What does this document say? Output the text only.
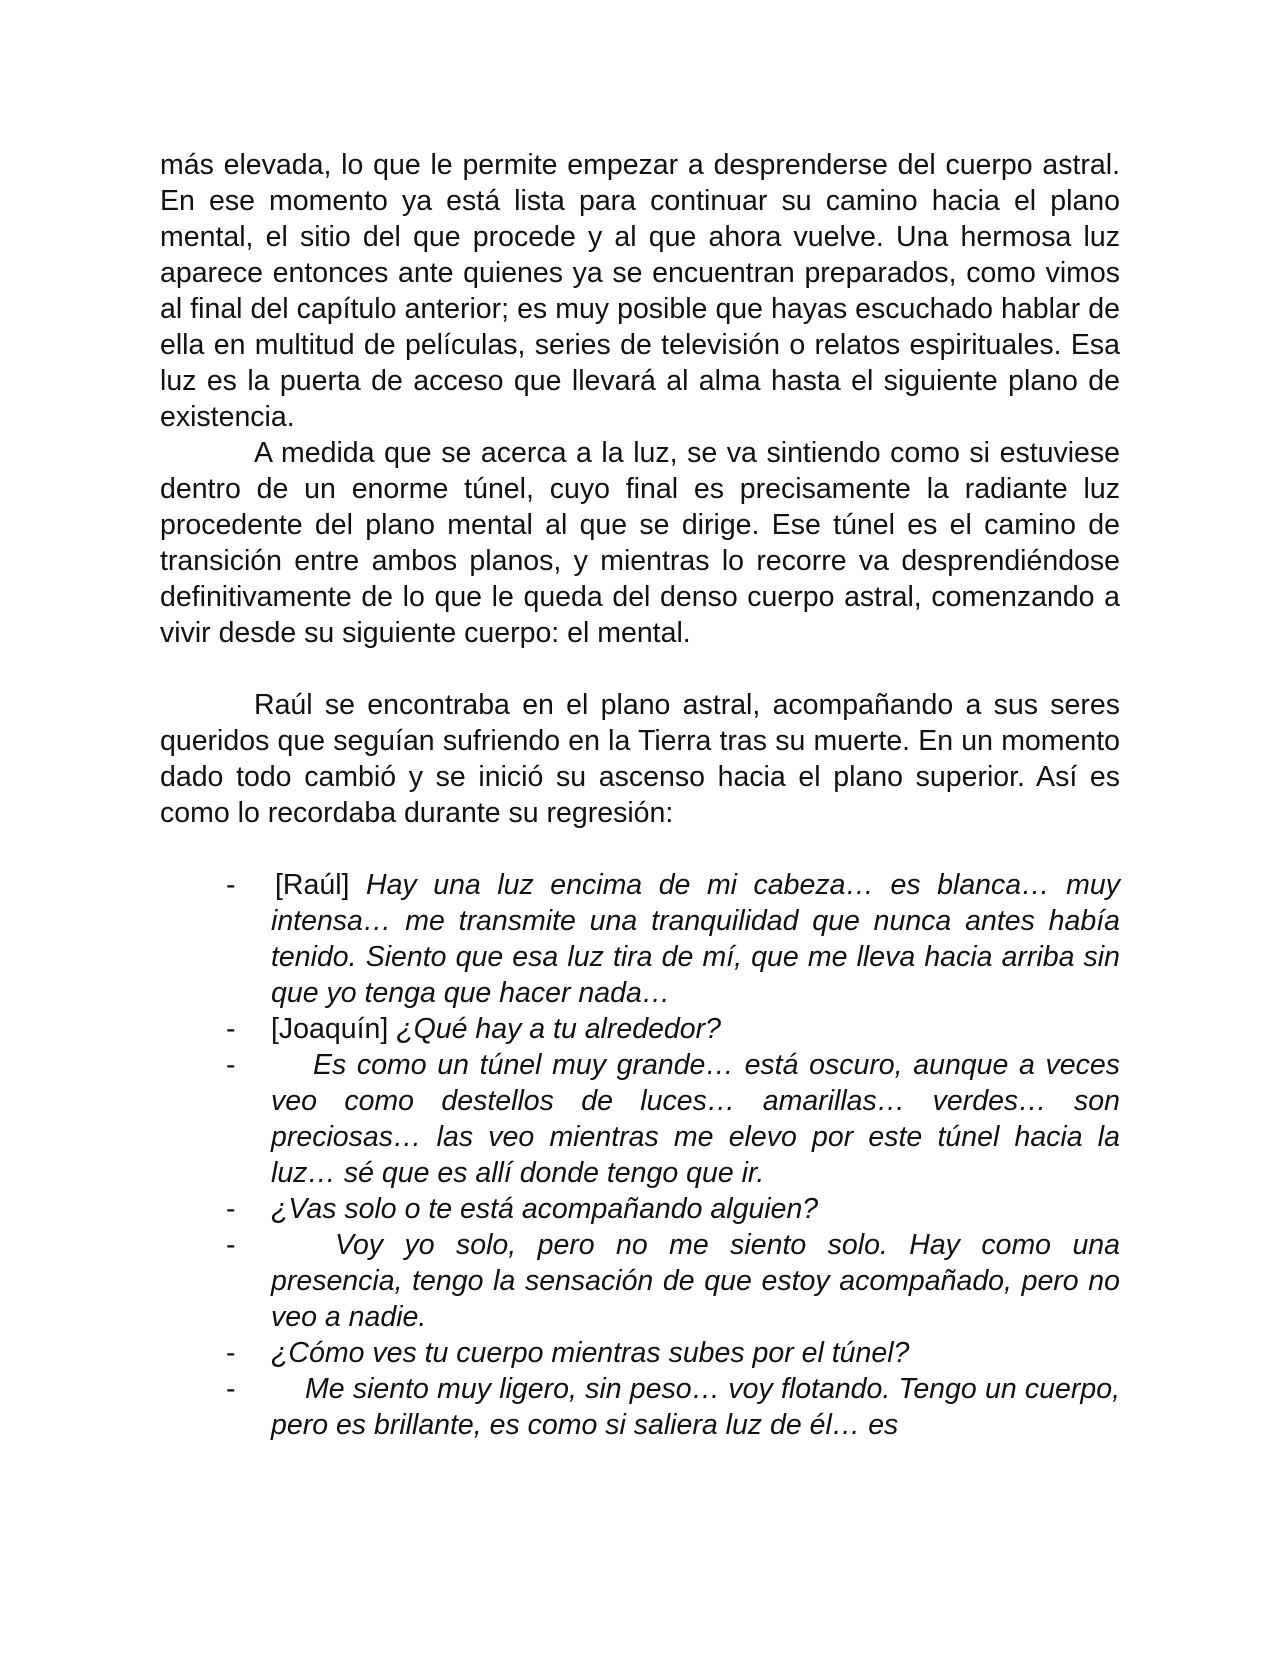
más elevada, lo que le permite empezar a desprenderse del cuerpo astral. En ese momento ya está lista para continuar su camino hacia el plano mental, el sitio del que procede y al que ahora vuelve. Una hermosa luz aparece entonces ante quienes ya se encuentran preparados, como vimos al final del capítulo anterior; es muy posible que hayas escuchado hablar de ella en multitud de películas, series de televisión o relatos espirituales. Esa luz es la puerta de acceso que llevará al alma hasta el siguiente plano de existencia.

A medida que se acerca a la luz, se va sintiendo como si estuviese dentro de un enorme túnel, cuyo final es precisamente la radiante luz procedente del plano mental al que se dirige. Ese túnel es el camino de transición entre ambos planos, y mientras lo recorre va desprendiéndose definitivamente de lo que le queda del denso cuerpo astral, comenzando a vivir desde su siguiente cuerpo: el mental.

Raúl se encontraba en el plano astral, acompañando a sus seres queridos que seguían sufriendo en la Tierra tras su muerte. En un momento dado todo cambió y se inició su ascenso hacia el plano superior. Así es como lo recordaba durante su regresión:

- [Raúl] Hay una luz encima de mi cabeza… es blanca… muy intensa… me transmite una tranquilidad que nunca antes había tenido. Siento que esa luz tira de mí, que me lleva hacia arriba sin que yo tenga que hacer nada…
- [Joaquín] ¿Qué hay a tu alrededor?
-	Es como un túnel muy grande… está oscuro, aunque a veces veo como destellos de luces… amarillas… verdes… son preciosas… las veo mientras me elevo por este túnel hacia la luz… sé que es allí donde tengo que ir.
- ¿Vas solo o te está acompañando alguien?
-	Voy yo solo, pero no me siento solo. Hay como una presencia, tengo la sensación de que estoy acompañado, pero no veo a nadie.
- ¿Cómo ves tu cuerpo mientras subes por el túnel?
- Me siento muy ligero, sin peso… voy flotando. Tengo un cuerpo, pero es brillante, es como si saliera luz de él… es
